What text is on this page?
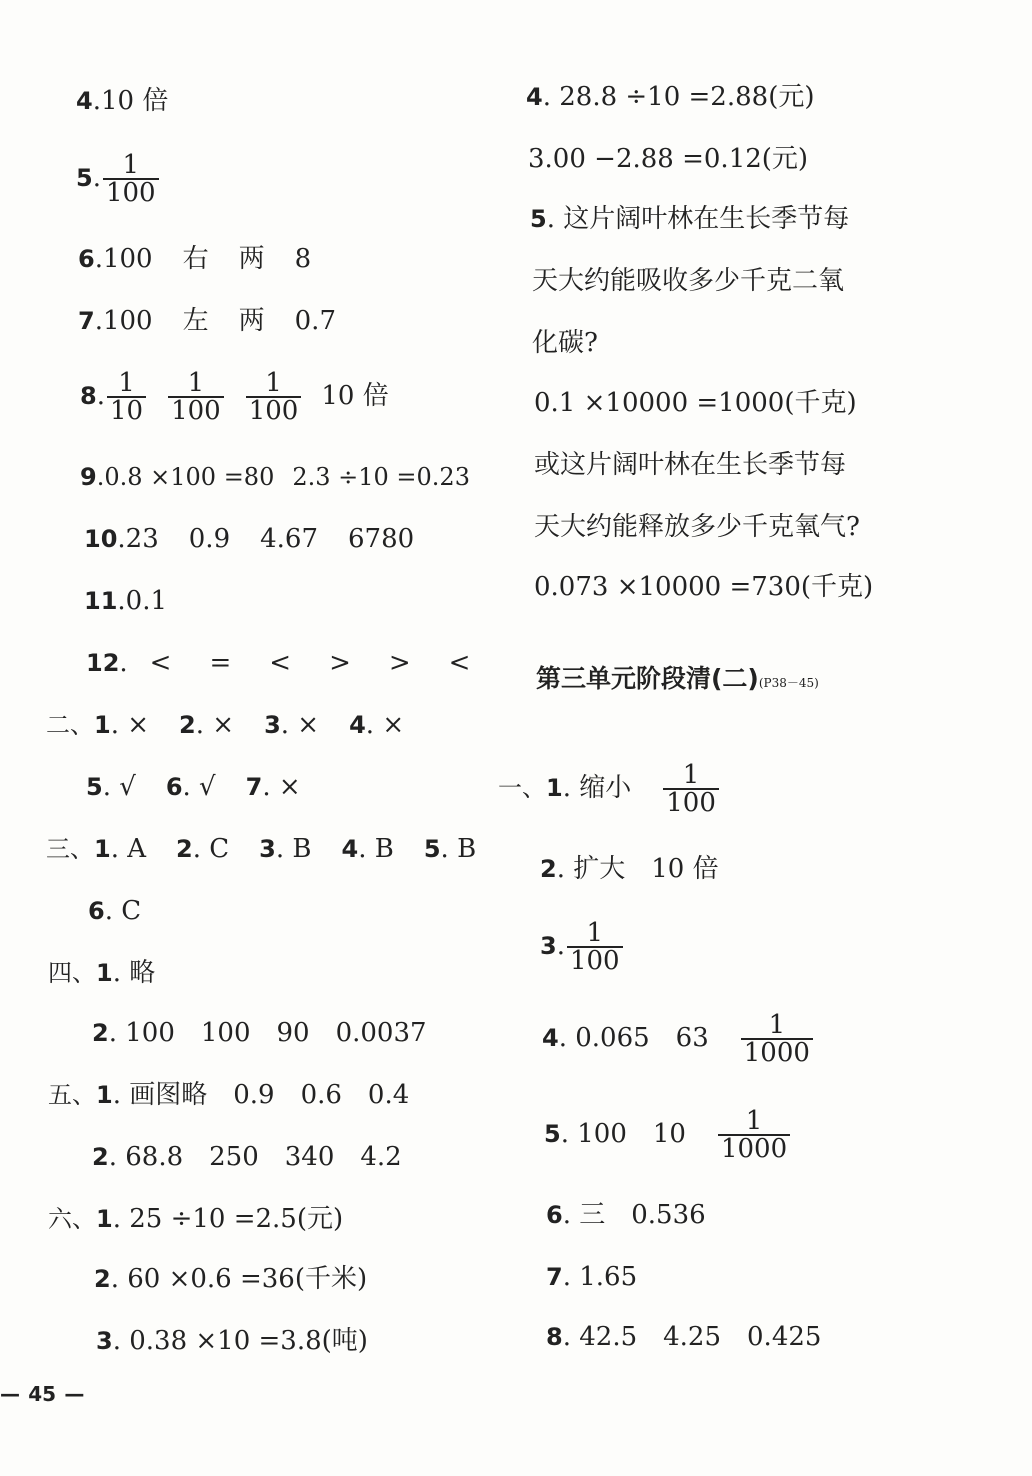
4.10 倍
5. $\frac{1}{100}$
6.100 右 两 8
7.100 左 两 0.7
8. $\frac{1}{10} \frac{1}{100} \frac{1}{100} 10$ 倍
9.0.8 ×100 =80 2.3 ÷10 =0.23
10.23 0.9 4.67 6780
11.0.1
12. < = < > > <
二、1. × 2. × 3. × 4. ×
5. √ 6. √ 7. ×
三、1. A 2. C 3. B 4. B 5. B
6. C
四、1. 略
2. 100　100　90　0.0037
五、1. 画图略　0.9　0.6　0.4
2. 68.8　250　340　4.2
六、1. 25 ÷10 =2.5(元)
2. 60 ×0.6 =36(千米)
3. 0.38 ×10 =3.8(吨)
4. 28.8 ÷10 =2.88(元)
3.00 −2.88 =0.12(元)
5. 这片阔叶林在生长季节每
天大约能吸收多少千克二氧
化碳?
0.1 ×10000 =1000(千克)
或这片阔叶林在生长季节每
天大约能释放多少千克氧气?
0.073 ×10000 =730(千克)
第三单元阶段清(二)(P38－45)
一、1. 缩小 $\frac{1}{100}$
2. 扩大　10 倍
3. $\frac{1}{100}$
4. 0.065　$63 \frac{1}{1000}$
5. 100　$10 \frac{1}{1000}$
6. 三　0.536
7. 1.65
8. 42.5　4.25　0.425
— 45 —
